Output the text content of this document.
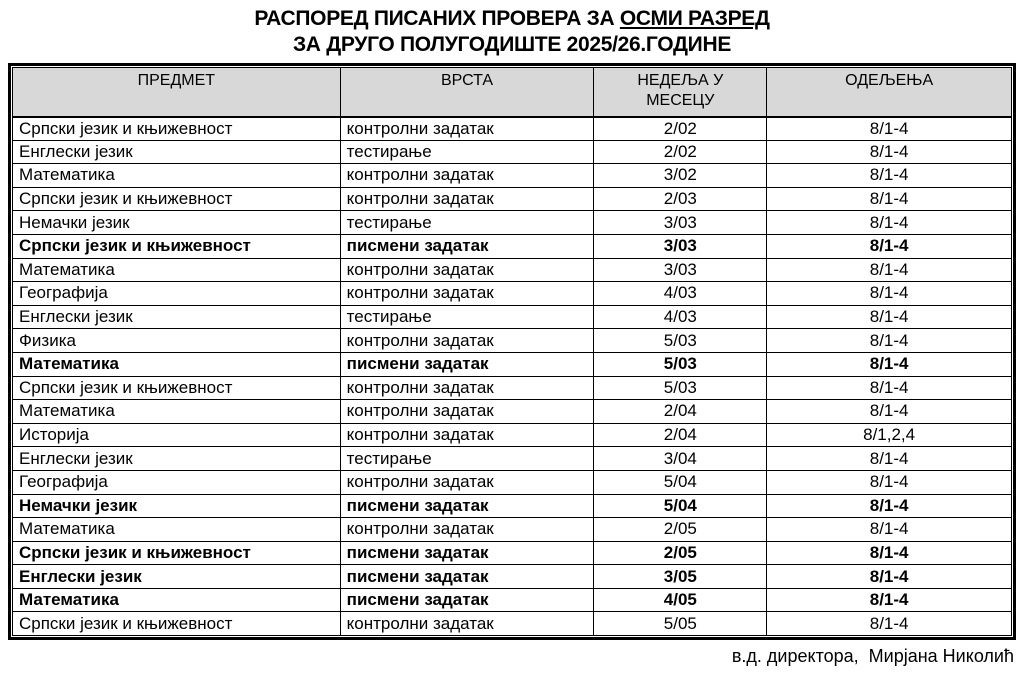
РАСПОРЕД ПИСАНИХ ПРОВЕРА ЗА ОСМИ РАЗРЕД
ЗА ДРУГО ПОЛУГОДИШТЕ 2025/26.ГОДИНЕ
ПРЕДМЕТ	ВРСТА	НЕДЕЉА У
МЕСЕЦУ	ОДЕЉЕЊА
Српски језик и књижевност	контролни задатак	2/02	8/1-4
Енглески језик	тестирање	2/02	8/1-4
Математика	контролни задатак	3/02	8/1-4
Српски језик и књижевност	контролни задатак	2/03	8/1-4
Немачки језик	тестирање	3/03	8/1-4
Српски језик и књижевност	писмени задатак	3/03	8/1-4
Математика	контролни задатак	3/03	8/1-4
Географија	контролни задатак	4/03	8/1-4
Енглески језик	тестирање	4/03	8/1-4
Физика	контролни задатак	5/03	8/1-4
Математика	писмени задатак	5/03	8/1-4
Српски језик и књижевност	контролни задатак	5/03	8/1-4
Математика	контролни задатак	2/04	8/1-4
Историја	контролни задатак	2/04	8/1,2,4
Енглески језик	тестирање	3/04	8/1-4
Географија	контролни задатак	5/04	8/1-4
Немачки језик	писмени задатак	5/04	8/1-4
Математика	контролни задатак	2/05	8/1-4
Српски језик и књижевност	писмени задатак	2/05	8/1-4
Енглески језик	писмени задатак	3/05	8/1-4
Математика	писмени задатак	4/05	8/1-4
Српски језик и књижевност	контролни задатак	5/05	8/1-4
в.д. директора,  Мирјана Николић
